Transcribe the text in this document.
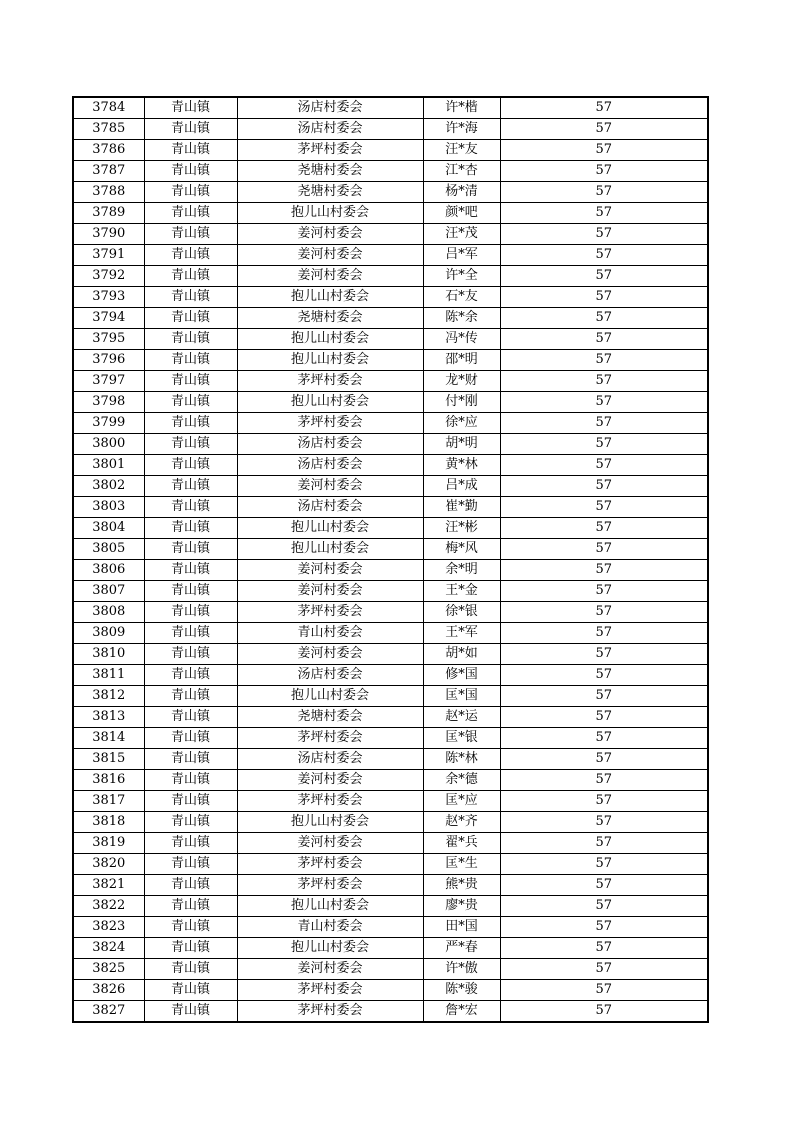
3784	青山镇	汤店村委会	许*楷	57
3785	青山镇	汤店村委会	许*海	57
3786	青山镇	茅坪村委会	汪*友	57
3787	青山镇	尧塘村委会	江*杏	57
3788	青山镇	尧塘村委会	杨*清	57
3789	青山镇	抱儿山村委会	颜*吧	57
3790	青山镇	姜河村委会	汪*茂	57
3791	青山镇	姜河村委会	吕*军	57
3792	青山镇	姜河村委会	许*全	57
3793	青山镇	抱儿山村委会	石*友	57
3794	青山镇	尧塘村委会	陈*余	57
3795	青山镇	抱儿山村委会	冯*传	57
3796	青山镇	抱儿山村委会	邵*明	57
3797	青山镇	茅坪村委会	龙*财	57
3798	青山镇	抱儿山村委会	付*刚	57
3799	青山镇	茅坪村委会	徐*应	57
3800	青山镇	汤店村委会	胡*明	57
3801	青山镇	汤店村委会	黄*林	57
3802	青山镇	姜河村委会	吕*成	57
3803	青山镇	汤店村委会	崔*勤	57
3804	青山镇	抱儿山村委会	汪*彬	57
3805	青山镇	抱儿山村委会	梅*风	57
3806	青山镇	姜河村委会	余*明	57
3807	青山镇	姜河村委会	王*金	57
3808	青山镇	茅坪村委会	徐*银	57
3809	青山镇	青山村委会	王*军	57
3810	青山镇	姜河村委会	胡*如	57
3811	青山镇	汤店村委会	修*国	57
3812	青山镇	抱儿山村委会	匡*国	57
3813	青山镇	尧塘村委会	赵*运	57
3814	青山镇	茅坪村委会	匡*银	57
3815	青山镇	汤店村委会	陈*林	57
3816	青山镇	姜河村委会	余*德	57
3817	青山镇	茅坪村委会	匡*应	57
3818	青山镇	抱儿山村委会	赵*齐	57
3819	青山镇	姜河村委会	翟*兵	57
3820	青山镇	茅坪村委会	匡*生	57
3821	青山镇	茅坪村委会	熊*贵	57
3822	青山镇	抱儿山村委会	廖*贵	57
3823	青山镇	青山村委会	田*国	57
3824	青山镇	抱儿山村委会	严*春	57
3825	青山镇	姜河村委会	许*傲	57
3826	青山镇	茅坪村委会	陈*骏	57
3827	青山镇	茅坪村委会	詹*宏	57
